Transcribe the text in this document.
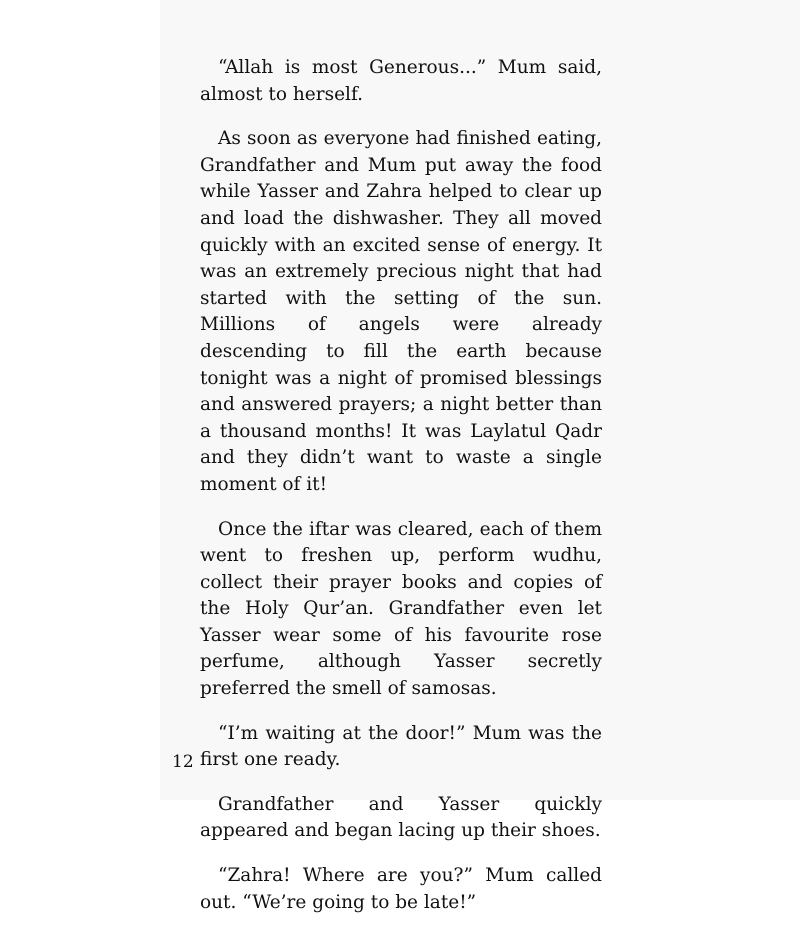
“Allah is most Generous...” Mum said, almost to herself.

As soon as everyone had finished eating, Grandfather and Mum put away the food while Yasser and Zahra helped to clear up and load the dishwasher. They all moved quickly with an excited sense of energy. It was an extremely precious night that had started with the setting of the sun. Millions of angels were already descending to fill the earth because tonight was a night of promised blessings and answered prayers; a night better than a thousand months! It was Laylatul Qadr and they didn’t want to waste a single moment of it!

Once the iftar was cleared, each of them went to freshen up, perform wudhu, collect their prayer books and copies of the Holy Qur’an. Grandfather even let Yasser wear some of his favourite rose perfume, although Yasser secretly preferred the smell of samosas.

“I’m waiting at the door!” Mum was the first one ready.

Grandfather and Yasser quickly appeared and began lacing up their shoes.

“Zahra! Where are you?” Mum called out. “We’re going to be late!”

12
